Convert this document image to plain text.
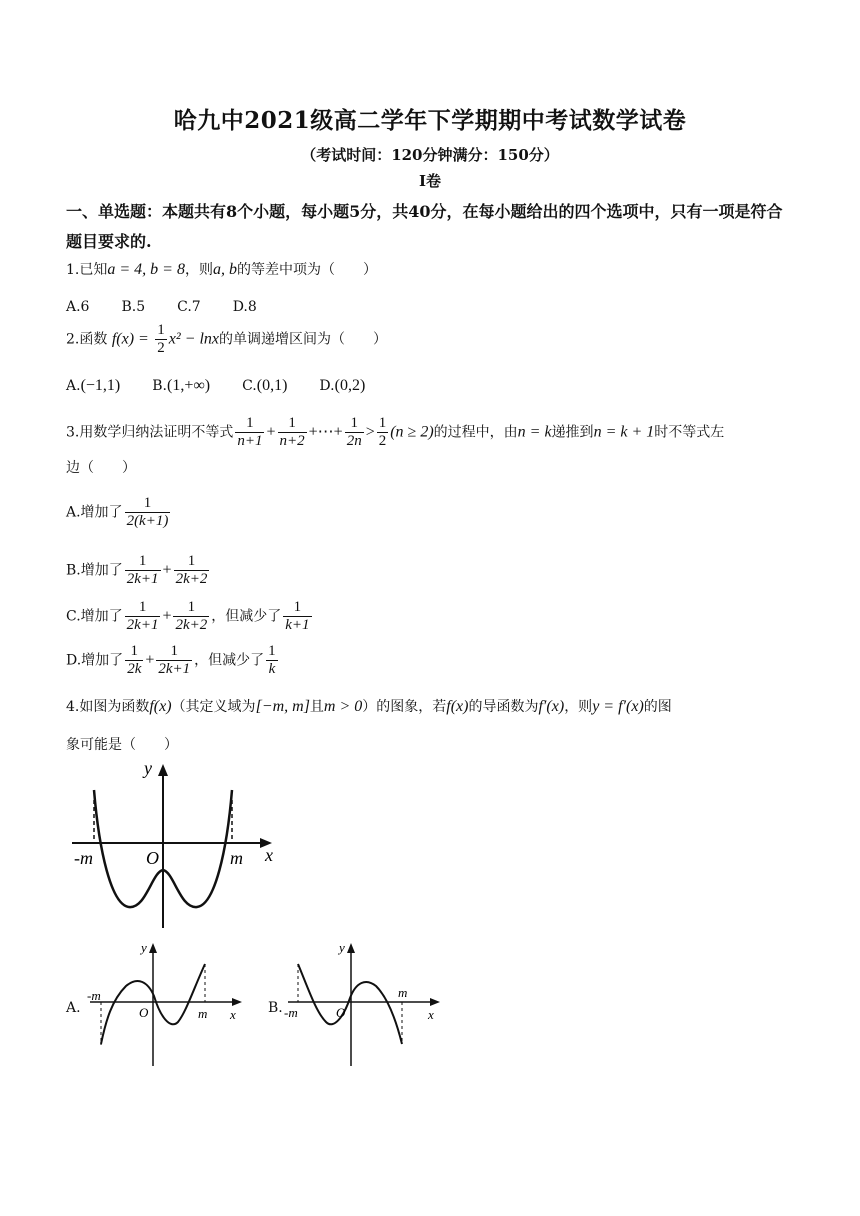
哈九中2021级高二学年下学期期中考试数学试卷
（考试时间：120分钟满分：150分）
I卷
一、单选题：本题共有8个小题，每小题5分，共40分，在每小题给出的四个选项中，只有一项是符合题目要求的.
1.已知a = 4, b = 8，则a, b的等差中项为（　　）
A.6 B.5 C.7 D.8
2.函数 $f(x) = \frac{1}{2} x^2 - \ln x$的单调递增区间为（　　）
A.(−1,1) B.(1,+∞) C.(0,1) D.(0,2)
3.用数学归纳法证明不等式 $\frac{1}{n+1} + \frac{1}{n+2}$ +⋯+ $\frac{1}{2n} > \frac{1}{2} (n \ge 2)$的过程中，由n = k递推到n = k + 1时不等式左
边（　　）
A.增加了 $\frac{1}{2(k+1)}$
B.增加了 $\frac{1}{2k+1} + \frac{1}{2k+2}$
C.增加了 $\frac{1}{2k+1} + \frac{1}{2k+2}$ ，但减少了 $\frac{1}{k+1}$
D.增加了 $\frac{1}{2k} + \frac{1}{2k+1}$ ，但减少了 $\frac{1}{k}$
4.如图为函数f(x)（其定义域为[−m, m]且m > 0）的图象，若f(x)的导函数为f′(x)，则y = f′(x)的图
象可能是（　　）
y
x
O
-m	m
A.
y
x
O
-m
m	B.
y
x
O
-m
m
